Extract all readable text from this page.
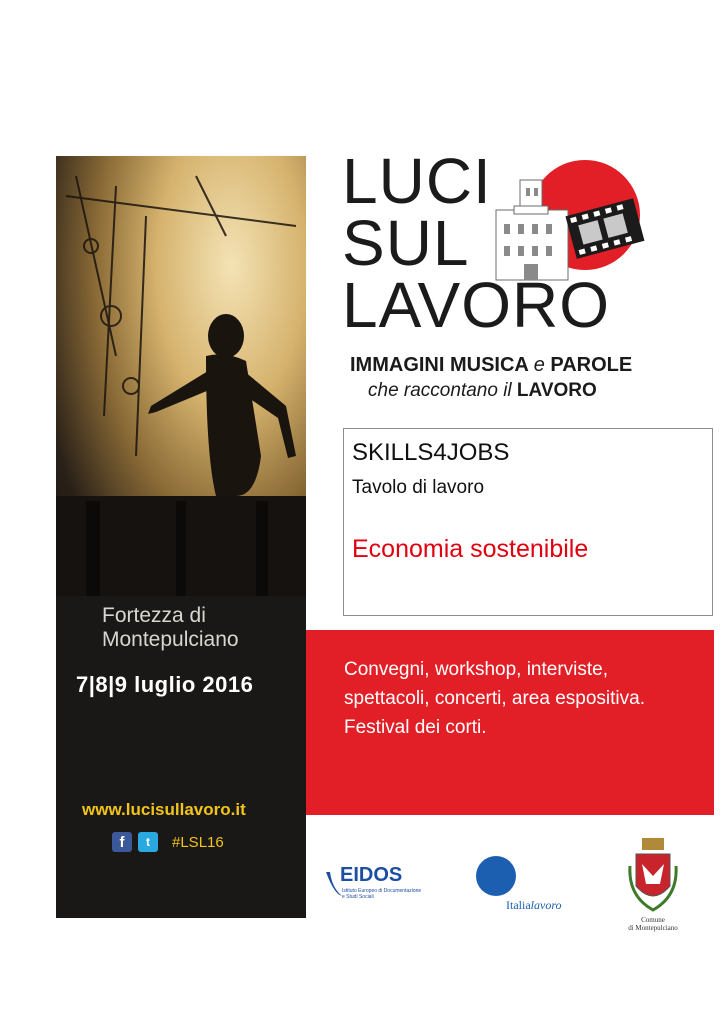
Fortezza di
Montepulciano
7|8|9 luglio 2016
www.lucisullavoro.it
f	t	#LSL16
LUCI
SUL
LAVORO
IMMAGINI MUSICA e PAROLE
che raccontano il LAVORO
SKILLS4JOBS
Tavolo di lavoro
Economia sostenibile
Convegni, workshop, interviste,
spettacoli, concerti, area espositiva.
Festival dei corti.
EIDOS
Istituto Europeo di Documentazione e Studi Sociali
Italialavoro
Comune
di Montepulciano
